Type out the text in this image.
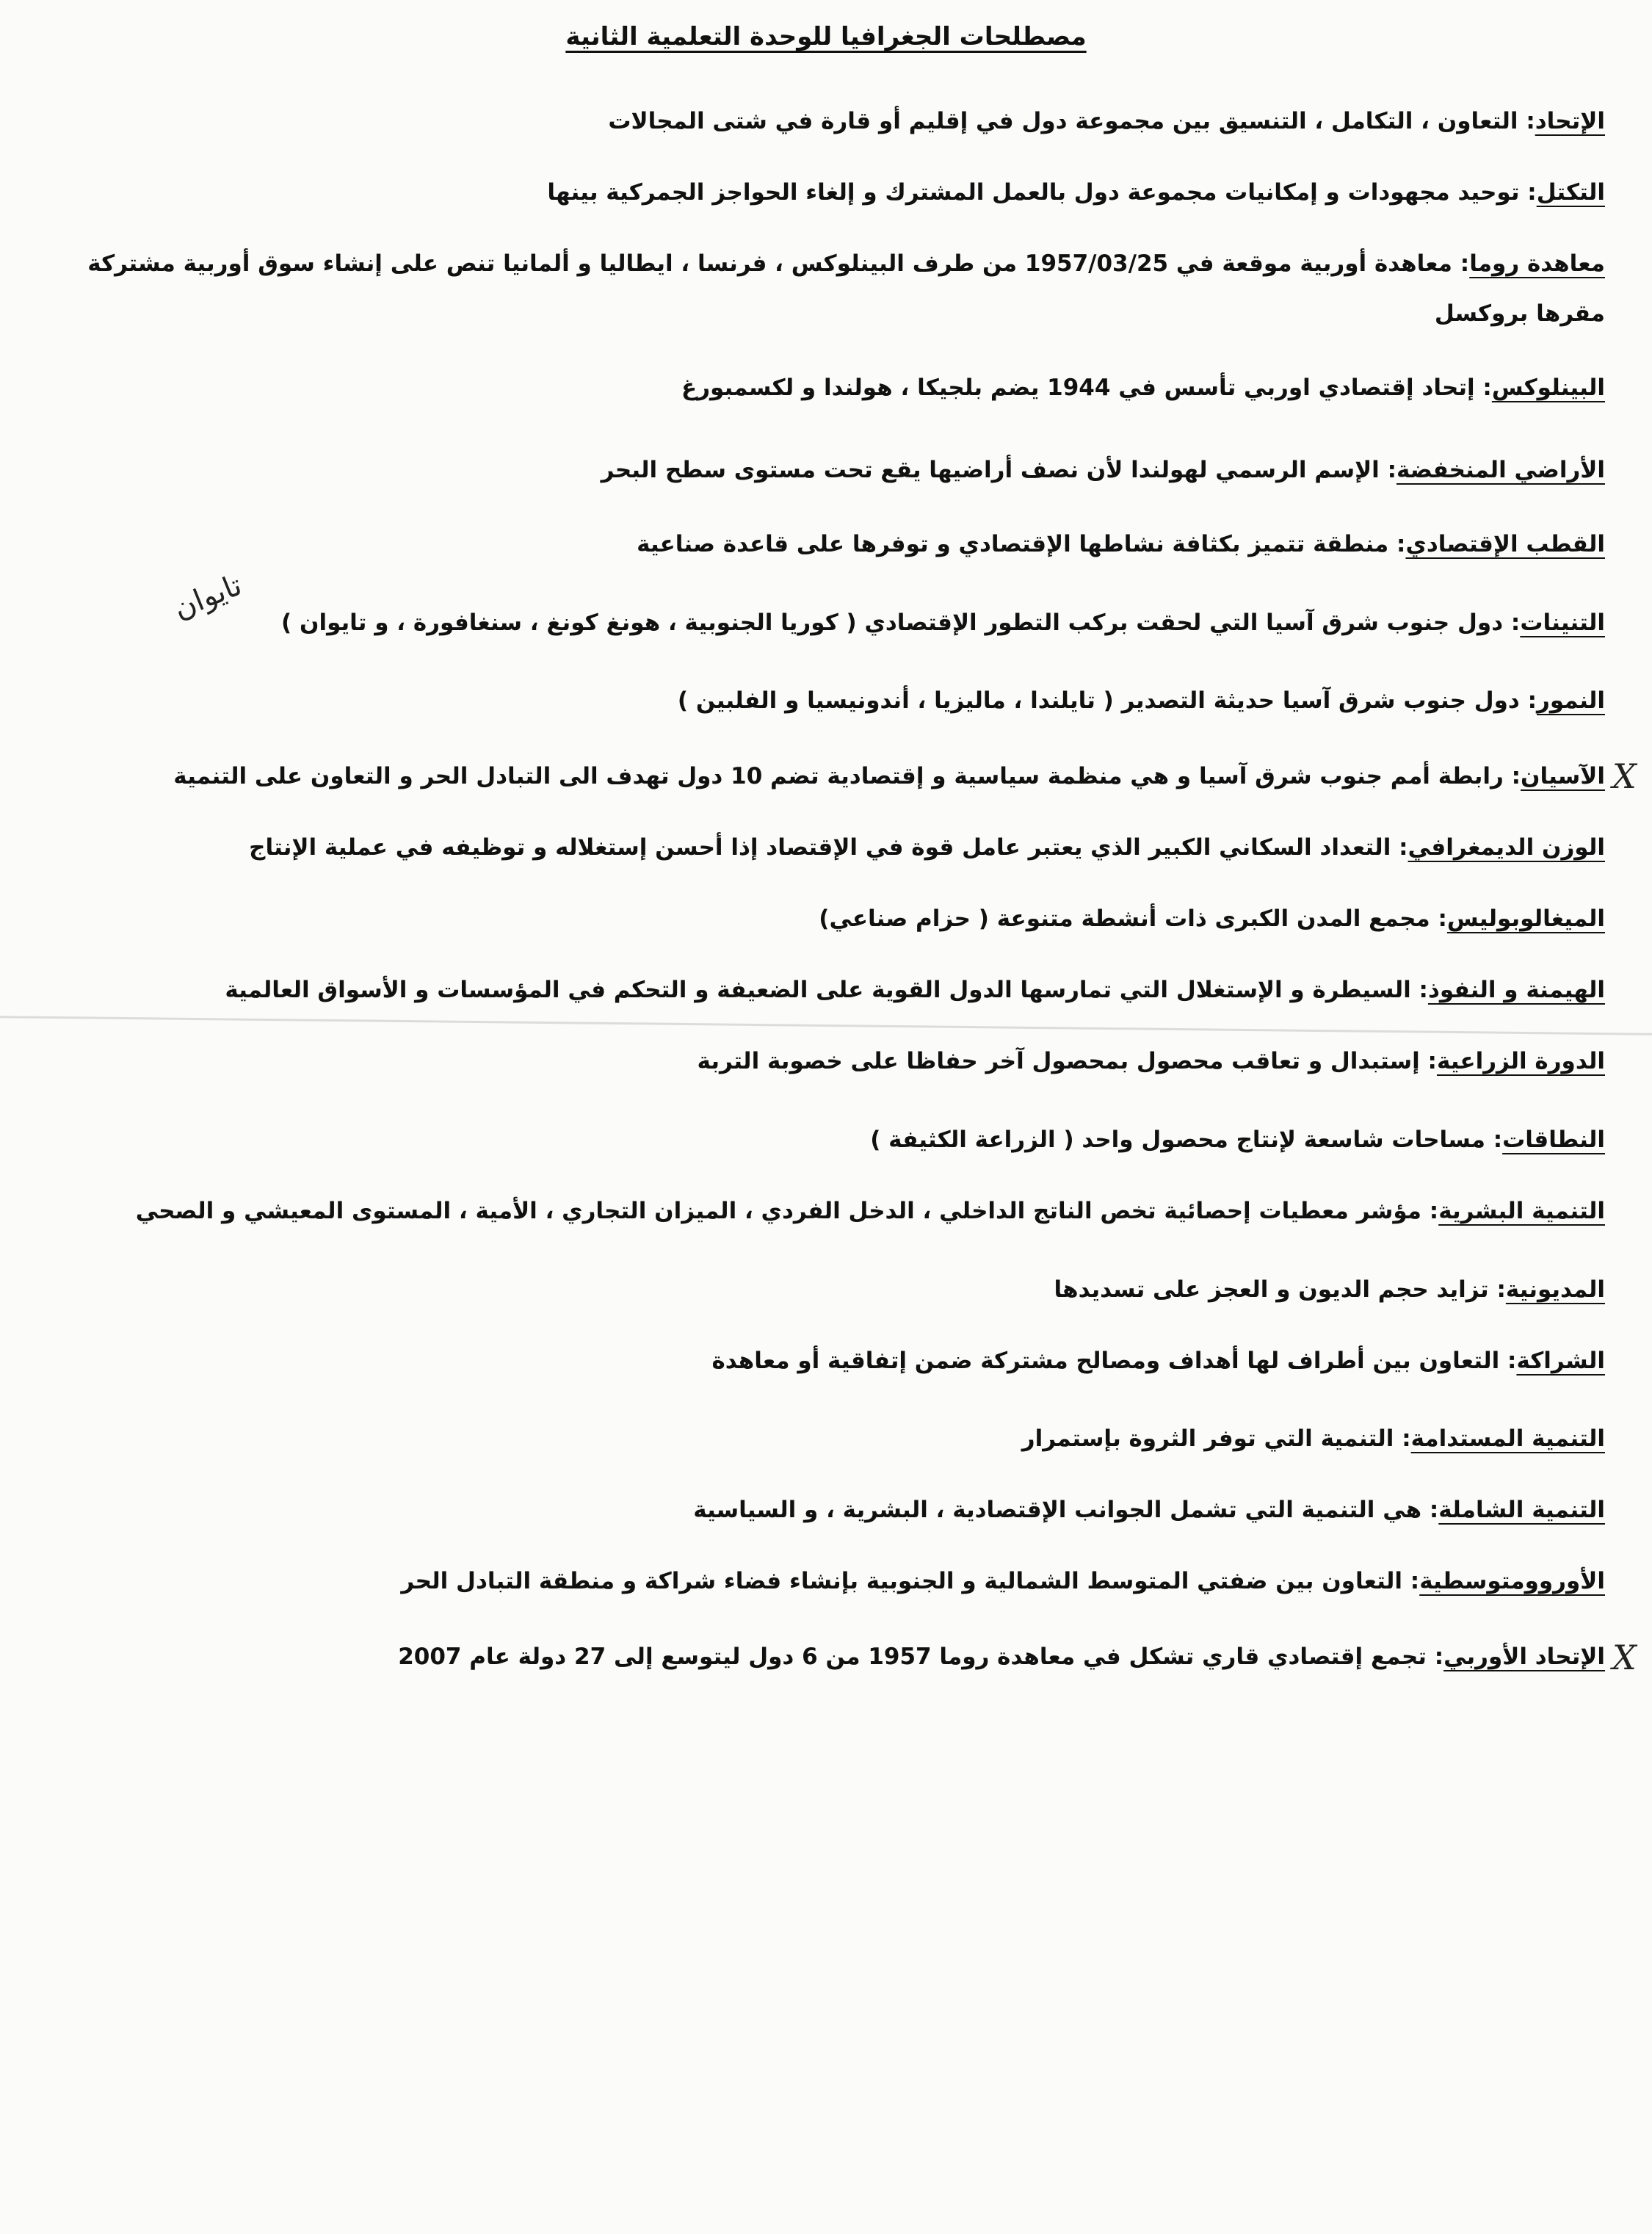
مصطلحات الجغرافيا للوحدة التعلمية الثانية
الإتحاد: التعاون ، التكامل ، التنسيق بين مجموعة دول في إقليم أو قارة في شتى المجالات
التكتل: توحيد مجهودات و إمكانيات مجموعة دول بالعمل المشترك و إلغاء الحواجز الجمركية بينها
معاهدة روما: معاهدة أوربية موقعة في 1957/03/25 من طرف البينلوكس ، فرنسا ، ايطاليا و ألمانيا تنص على إنشاء سوق أوربية مشتركة
مقرها بروكسل
البينلوكس: إتحاد إقتصادي اوربي تأسس في 1944 يضم بلجيكا ، هولندا و لكسمبورغ
الأراضي المنخفضة: الإسم الرسمي لهولندا لأن نصف أراضيها يقع تحت مستوى سطح البحر
القطب الإقتصادي: منطقة تتميز بكثافة نشاطها الإقتصادي و توفرها على قاعدة صناعية
التنينات: دول جنوب شرق آسيا التي لحقت بركب التطور الإقتصادي ( كوريا الجنوبية ، هونغ كونغ ، سنغافورة ، و تايوان )
النمور: دول جنوب شرق آسيا حديثة التصدير ( تايلندا ، ماليزيا ، أندونيسيا و الفلبين )
الآسيان: رابطة أمم جنوب شرق آسيا و هي منظمة سياسية و إقتصادية تضم 10 دول تهدف الى التبادل الحر و التعاون على التنمية
الوزن الديمغرافي: التعداد السكاني الكبير الذي يعتبر عامل قوة في الإقتصاد إذا أحسن إستغلاله و توظيفه في عملية الإنتاج
الميغالوبوليس: مجمع المدن الكبرى ذات أنشطة متنوعة ( حزام صناعي)
الهيمنة و النفوذ: السيطرة و الإستغلال التي تمارسها الدول القوية على الضعيفة و التحكم في المؤسسات و الأسواق العالمية
الدورة الزراعية: إستبدال و تعاقب محصول بمحصول آخر حفاظا على خصوبة التربة
النطاقات: مساحات شاسعة لإنتاج محصول واحد ( الزراعة الكثيفة )
التنمية البشرية: مؤشر معطيات إحصائية تخص الناتج الداخلي ، الدخل الفردي ، الميزان التجاري ، الأمية ، المستوى المعيشي و الصحي
المديونية: تزايد حجم الديون و العجز على تسديدها
الشراكة: التعاون بين أطراف لها أهداف ومصالح مشتركة ضمن إتفاقية أو معاهدة
التنمية المستدامة: التنمية التي توفر الثروة بإستمرار
التنمية الشاملة: هي التنمية التي تشمل الجوانب الإقتصادية ، البشرية ، و السياسية
الأوروومتوسطية: التعاون بين ضفتي المتوسط الشمالية و الجنوبية بإنشاء فضاء شراكة و منطقة التبادل الحر
الإتحاد الأوربي: تجمع إقتصادي قاري تشكل في معاهدة روما 1957 من 6 دول ليتوسع إلى 27 دولة عام 2007
تايوان
X
X
